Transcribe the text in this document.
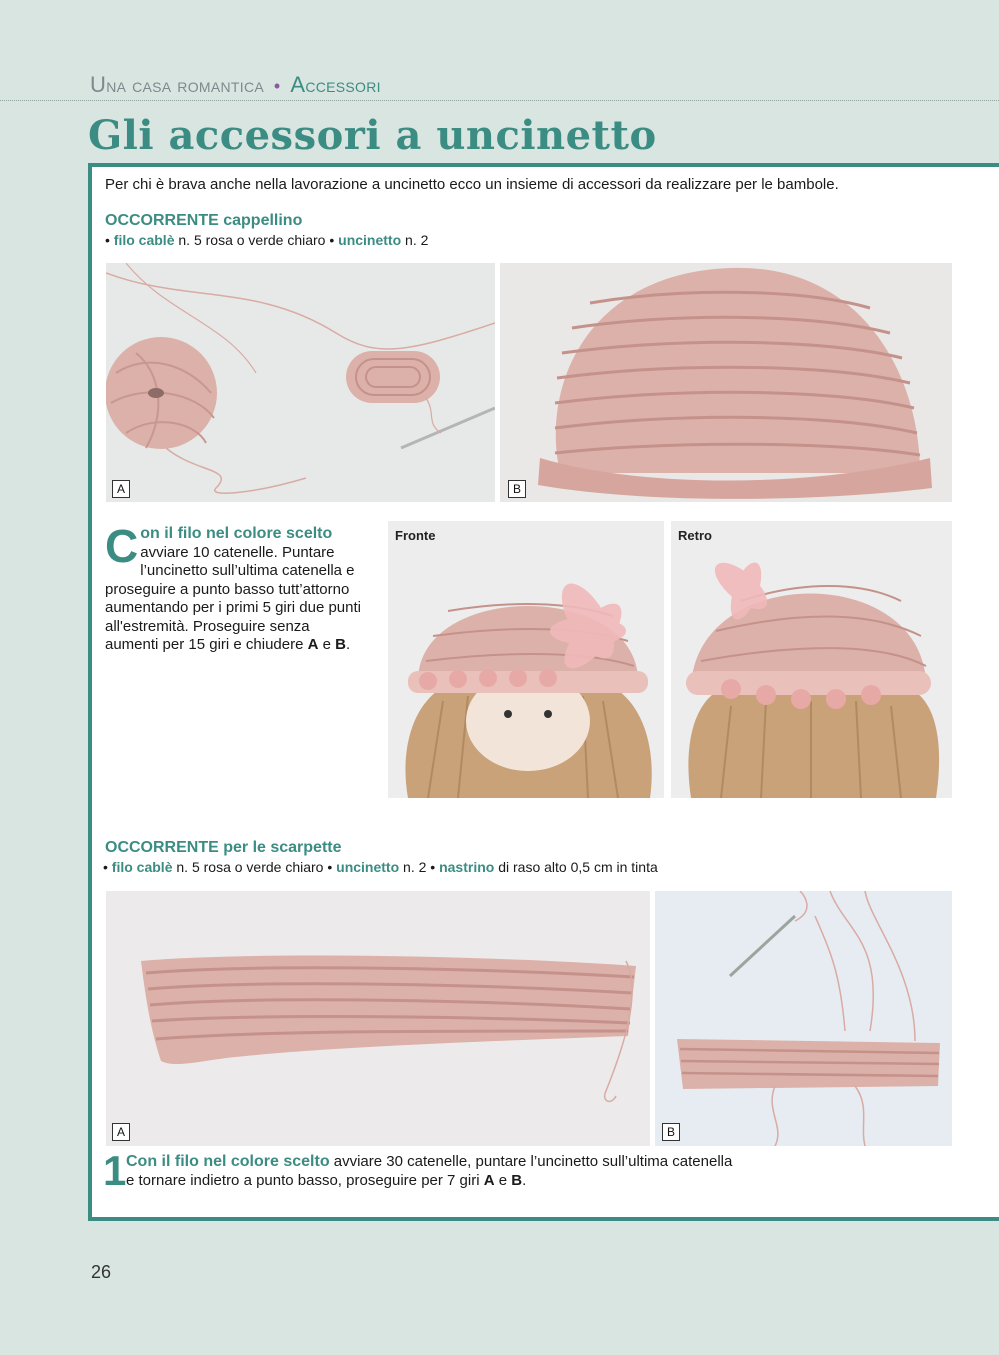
Una casa romantica • Accessori
Gli accessori a uncinetto

Per chi è brava anche nella lavorazione a uncinetto ecco un insieme di accessori da realizzare per le bambole.

OCCORRENTE cappellino

• filo cablè n. 5 rosa o verde chiaro • uncinetto n. 2

A	B
Con il filo nel colore scelto avviare 10 catenelle. Puntare l’uncinetto sull’ultima catenella e proseguire a punto basso tutt’attorno aumentando per i primi 5 giri due punti all'estremità. Proseguire senza aumenti per 15 giri e chiudere A e B.
Fronte	Retro

OCCORRENTE per le scarpette

• filo cablè n. 5 rosa o verde chiaro • uncinetto n. 2 • nastrino di raso alto 0,5 cm in tinta

A	B
1 Con il filo nel colore scelto avviare 30 catenelle, puntare l’uncinetto sull’ultima catenella
e tornare indietro a punto basso, proseguire per 7 giri A e B.
26
